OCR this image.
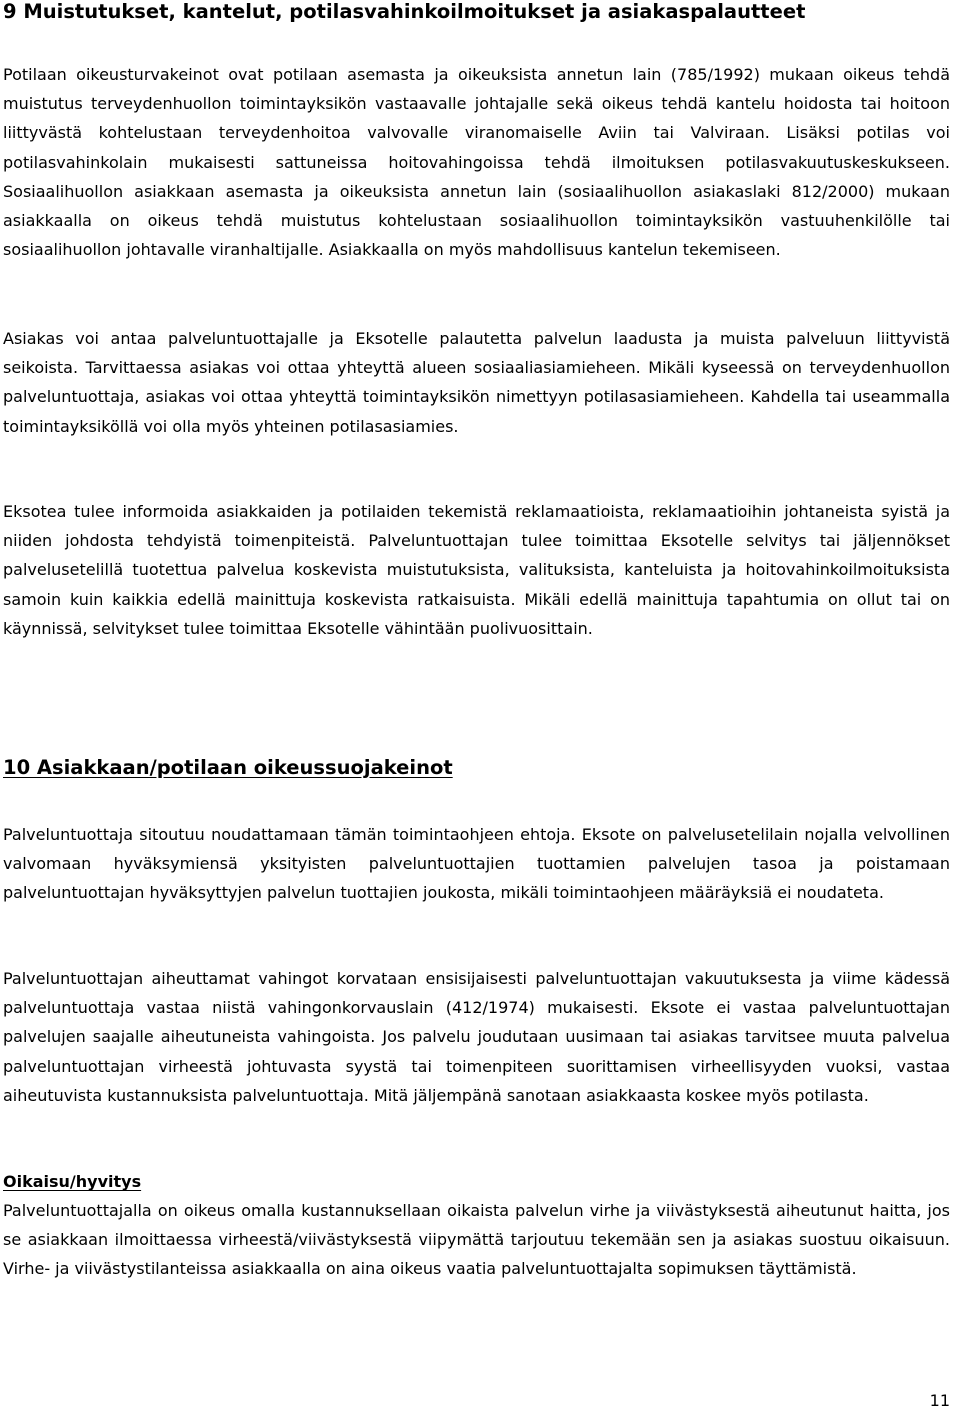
9 Muistutukset, kantelut, potilasvahinkoilmoitukset ja asiakaspalautteet

Potilaan oikeusturvakeinot ovat potilaan asemasta ja oikeuksista annetun lain (785/1992) mukaan oikeus tehdä muistutus terveydenhuollon toimintayksikön vastaavalle johtajalle sekä oikeus tehdä kantelu hoidosta tai hoitoon liittyvästä kohtelustaan terveydenhoitoa valvovalle viranomaiselle Aviin tai Valviraan. Lisäksi potilas voi potilasvahinkolain mukaisesti sattuneissa hoitovahingoissa tehdä ilmoituksen potilasvakuutuskeskukseen. Sosiaalihuollon asiakkaan asemasta ja oikeuksista annetun lain (sosiaalihuollon asiakaslaki 812/2000) mukaan asiakkaalla on oikeus tehdä muistutus kohtelustaan sosiaalihuollon toimintayksikön vastuuhenkilölle tai sosiaalihuollon johtavalle viranhaltijalle. Asiakkaalla on myös mahdollisuus kantelun tekemiseen.

Asiakas voi antaa palveluntuottajalle ja Eksotelle palautetta palvelun laadusta ja muista palveluun liittyvistä seikoista. Tarvittaessa asiakas voi ottaa yhteyttä alueen sosiaaliasiamieheen. Mikäli kyseessä on terveydenhuollon palveluntuottaja, asiakas voi ottaa yhteyttä toimintayksikön nimettyyn potilasasiamieheen. Kahdella tai useammalla toimintayksiköllä voi olla myös yhteinen potilasasiamies.

Eksotea tulee informoida asiakkaiden ja potilaiden tekemistä reklamaatioista, reklamaatioihin johtaneista syistä ja niiden johdosta tehdyistä toimenpiteistä. Palveluntuottajan tulee toimittaa Eksotelle selvitys tai jäljennökset palvelusetelillä tuotettua palvelua koskevista muistutuksista, valituksista, kanteluista ja hoitovahinkoilmoituksista samoin kuin kaikkia edellä mainittuja koskevista ratkaisuista. Mikäli edellä mainittuja tapahtumia on ollut tai on käynnissä, selvitykset tulee toimittaa Eksotelle vähintään puolivuosittain.

10 Asiakkaan/potilaan oikeussuojakeinot

Palveluntuottaja sitoutuu noudattamaan tämän toimintaohjeen ehtoja. Eksote on palvelusetelilain nojalla velvollinen valvomaan hyväksymiensä yksityisten palveluntuottajien tuottamien palvelujen tasoa ja poistamaan palveluntuottajan hyväksyttyjen palvelun tuottajien joukosta, mikäli toimintaohjeen määräyksiä ei noudateta.

Palveluntuottajan aiheuttamat vahingot korvataan ensisijaisesti palveluntuottajan vakuutuksesta ja viime kädessä palveluntuottaja vastaa niistä vahingonkorvauslain (412/1974) mukaisesti. Eksote ei vastaa palveluntuottajan palvelujen saajalle aiheutuneista vahingoista. Jos palvelu joudutaan uusimaan tai asiakas tarvitsee muuta palvelua palveluntuottajan virheestä johtuvasta syystä tai toimenpiteen suorittamisen virheellisyyden vuoksi, vastaa aiheutuvista kustannuksista palveluntuottaja. Mitä jäljempänä sanotaan asiakkaasta koskee myös potilasta.

Oikaisu/hyvitys

Palveluntuottajalla on oikeus omalla kustannuksellaan oikaista palvelun virhe ja viivästyksestä aiheutunut haitta, jos se asiakkaan ilmoittaessa virheestä/viivästyksestä viipymättä tarjoutuu tekemään sen ja asiakas suostuu oikaisuun. Virhe- ja viivästystilanteissa asiakkaalla on aina oikeus vaatia palveluntuottajalta sopimuksen täyttämistä.

11
